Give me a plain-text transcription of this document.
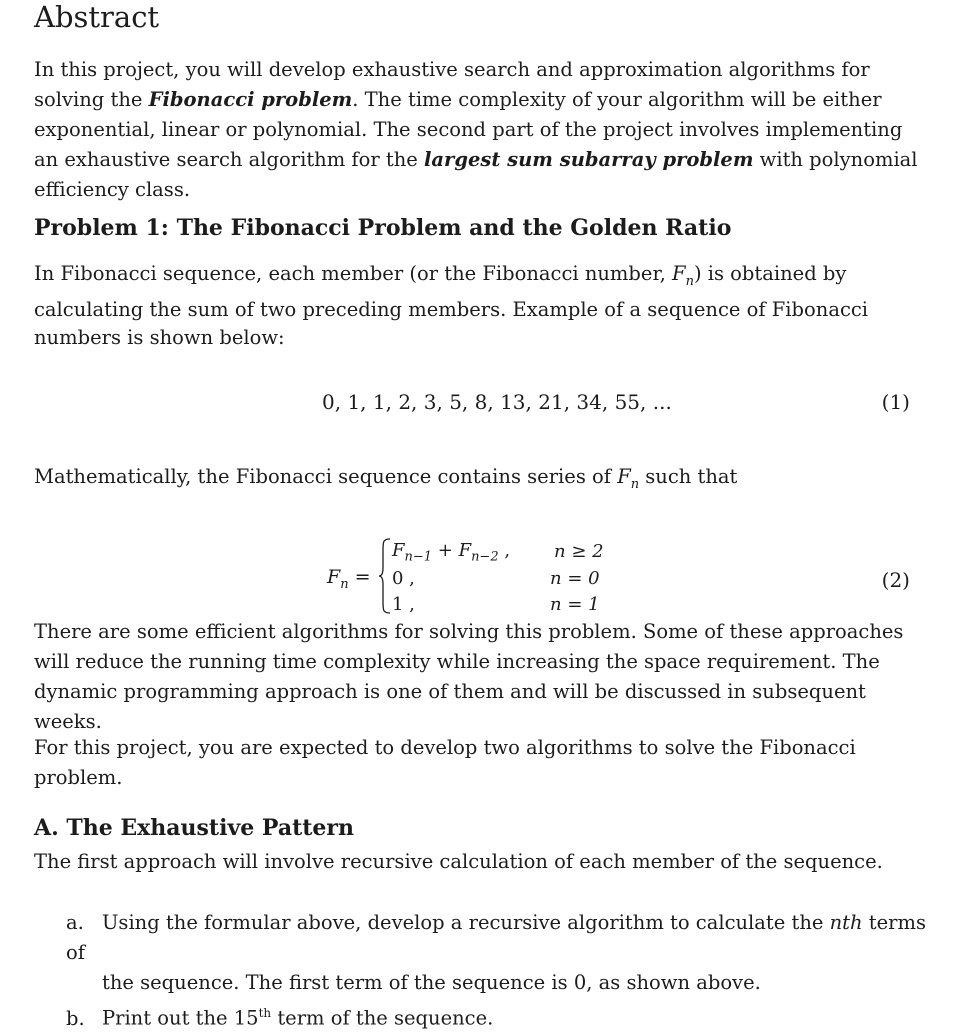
Abstract
In this project, you will develop exhaustive search and approximation algorithms for solving the Fibonacci problem. The time complexity of your algorithm will be either exponential, linear or polynomial. The second part of the project involves implementing an exhaustive search algorithm for the largest sum subarray problem with polynomial efficiency class.
Problem 1: The Fibonacci Problem and the Golden Ratio
In Fibonacci sequence, each member (or the Fibonacci number, $F_n$) is obtained by calculating the sum of two preceding members. Example of a sequence of Fibonacci numbers is shown below:
0, 1, 1, 2, 3, 5, 8, 13, 21, 34, 55, ...	(1)
Mathematically, the Fibonacci sequence contains series of $F_n$ such that
$F_n$ =
$F_{n-1} + F_{n-2}$ , n ≥ 2
0 ,	n = 0
1 ,	n = 1
(2)
There are some efficient algorithms for solving this problem. Some of these approaches will reduce the running time complexity while increasing the space requirement. The dynamic programming approach is one of them and will be discussed in subsequent weeks.
For this project, you are expected to develop two algorithms to solve the Fibonacci problem.
A. The Exhaustive Pattern
The first approach will involve recursive calculation of each member of the sequence.
a. Using the formular above, develop a recursive algorithm to calculate the nth terms of
the sequence. The first term of the sequence is 0, as shown above.
b. Print out the 15th term of the sequence.
